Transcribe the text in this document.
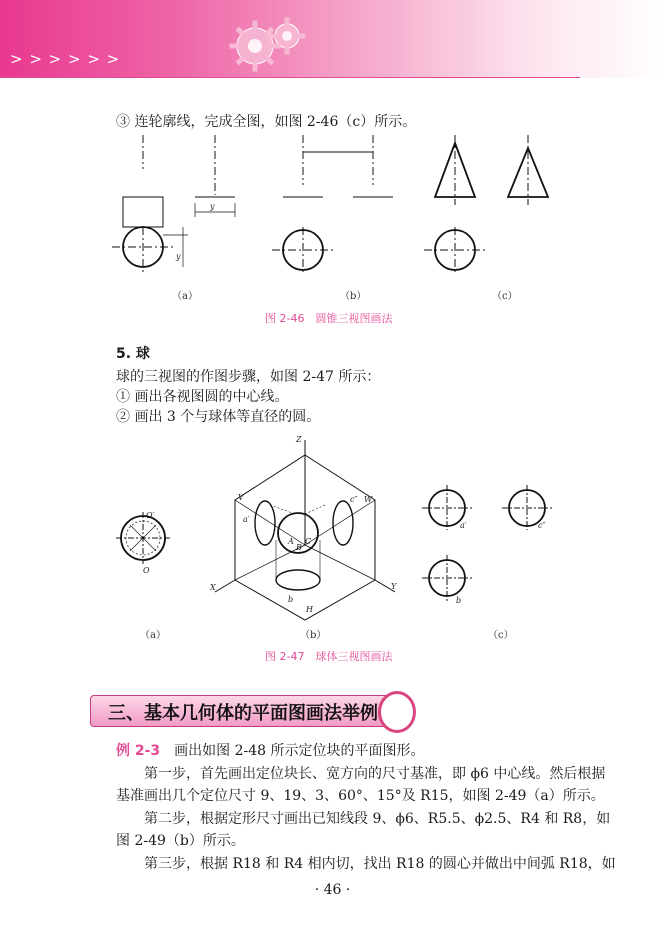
> > > > > >
③ 连轮廓线，完成全图，如图 2-46（c）所示。
y
y
（a）	（b）	（c）
图 2-46　圆锥三视图画法
5. 球
球的三视图的作图步骤，如图 2-47 所示：
① 画出各视图圆的中心线。
② 画出 3 个与球体等直径的圆。
O′
O
Z
V	W
X	Y
H
a′
c″
A
B
C
b
a′	c″
b
（a）	（b）	（c）
图 2-47　球体三视图画法
三、基本几何体的平面图画法举例
例 2-3　画出如图 2-48 所示定位块的平面图形。
第一步，首先画出定位块长、宽方向的尺寸基准，即 ϕ6 中心线。然后根据
基准画出几个定位尺寸 9、19、3、60°、15°及 R15，如图 2-49（a）所示。
第二步，根据定形尺寸画出已知线段 9、ϕ6、R5.5、ϕ2.5、R4 和 R8，如
图 2-49（b）所示。
第三步，根据 R18 和 R4 相内切，找出 R18 的圆心并做出中间弧 R18，如
· 46 ·
